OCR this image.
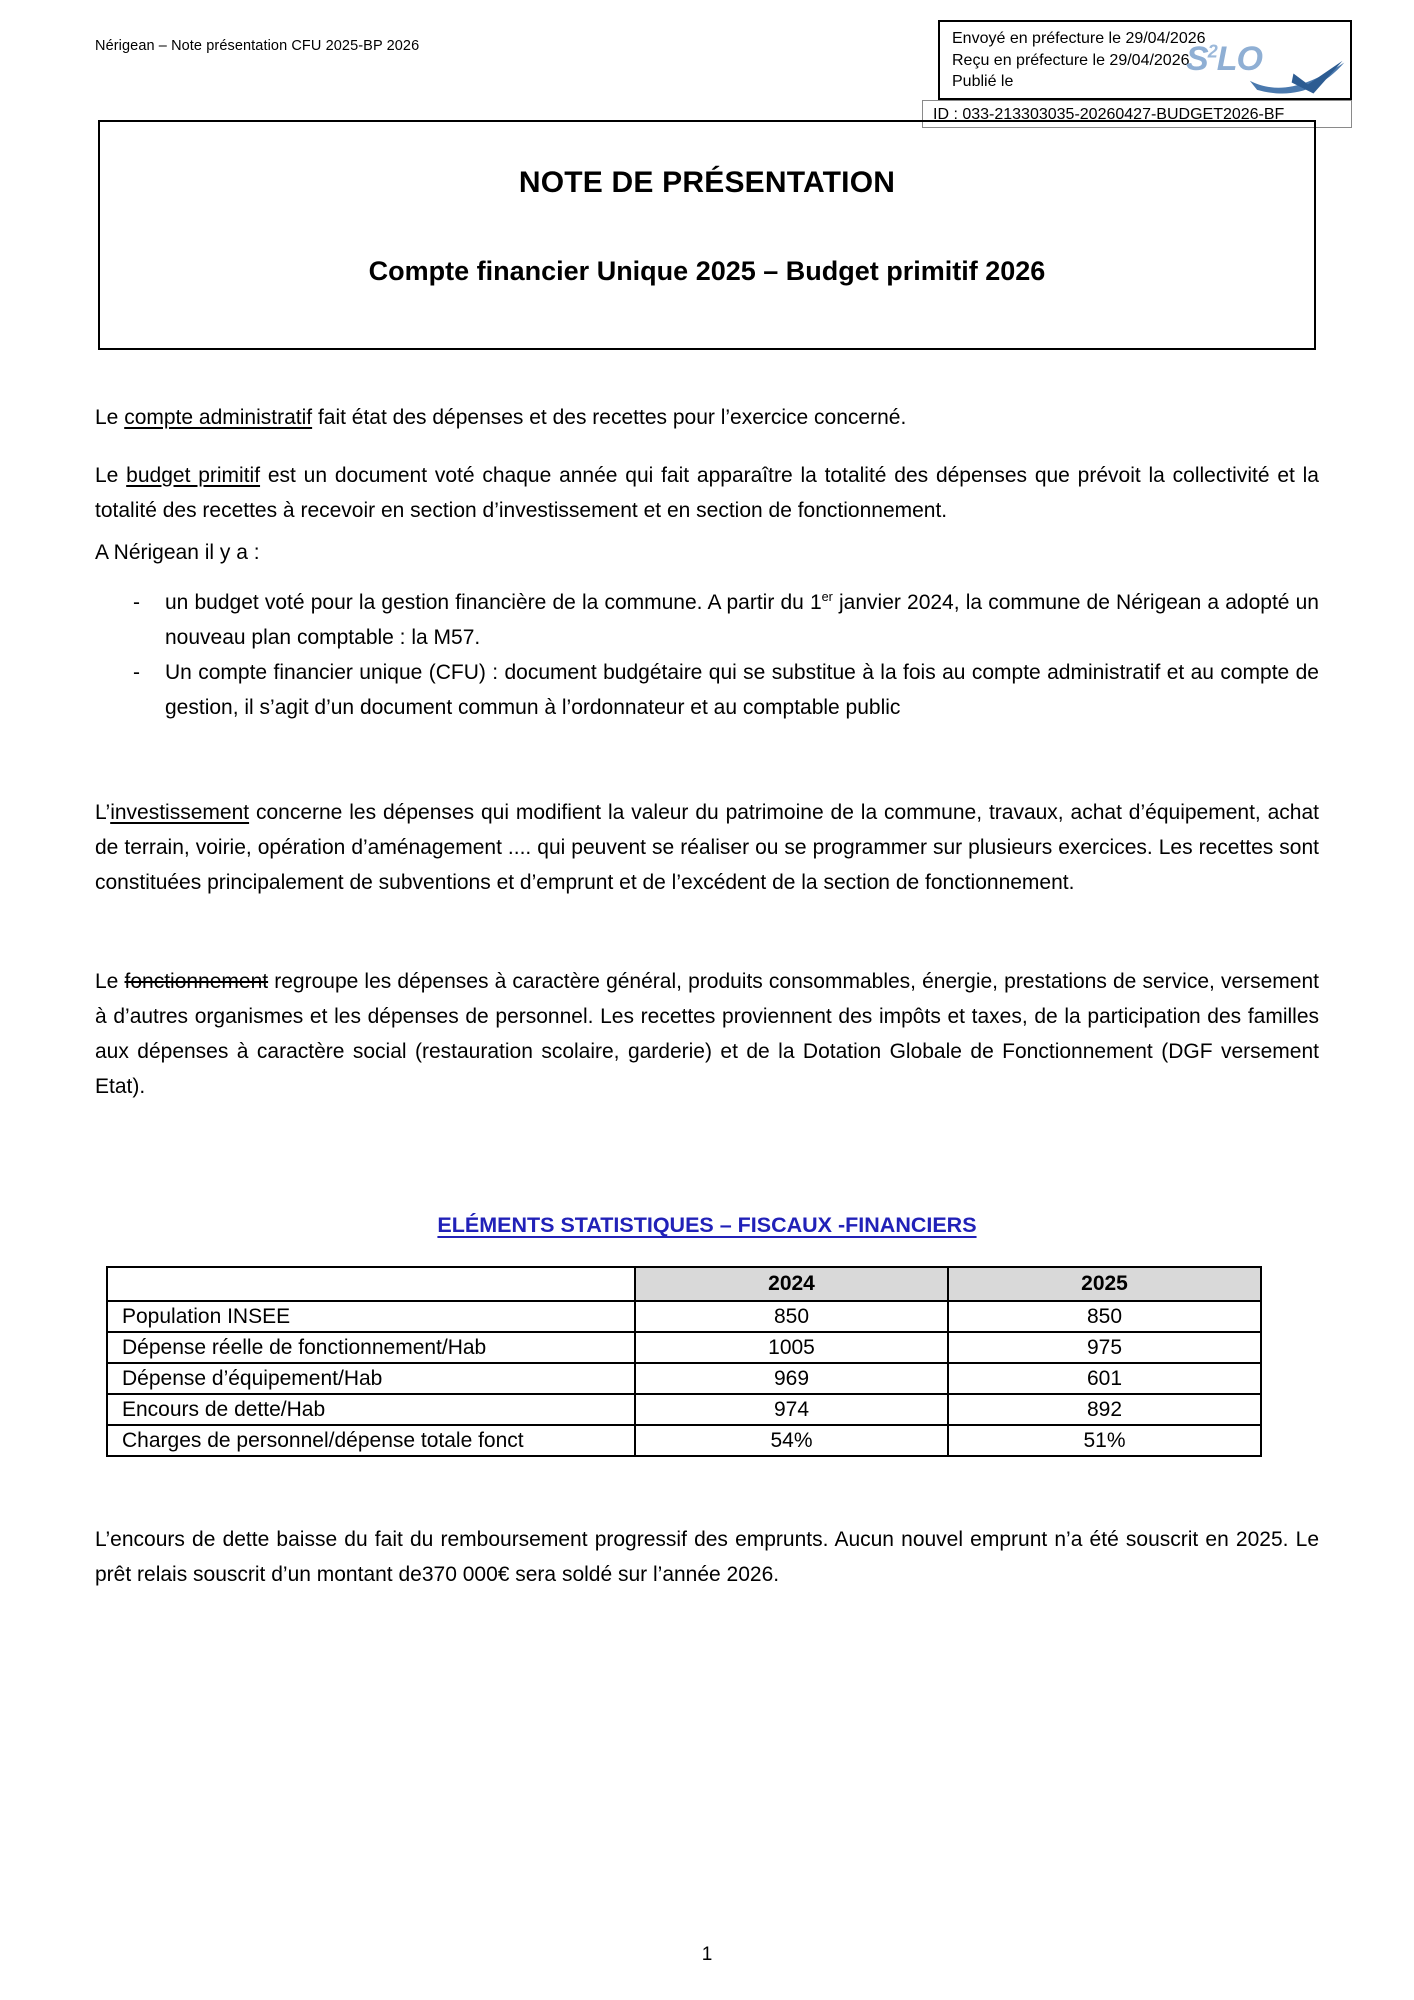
Nérigean – Note présentation CFU 2025-BP 2026	Envoyé en préfecture le 29/04/2026
Reçu en préfecture le 29/04/2026
Publié le
$S^2LO$
ID : 033-213303035-20260427-BUDGET2026-BF
NOTE DE PRÉSENTATION
Compte financier Unique 2025 – Budget primitif 2026
Le compte administratif fait état des dépenses et des recettes pour l’exercice concerné.
Le budget primitif est un document voté chaque année qui fait apparaître la totalité des dépenses que prévoit la collectivité et la totalité des recettes à recevoir en section d’investissement et en section de fonctionnement.
A Nérigean il y a :
- un budget voté pour la gestion financière de la commune. A partir du 1er janvier 2024, la commune de Nérigean a adopté un nouveau plan comptable : la M57.
- Un compte financier unique (CFU) : document budgétaire qui se substitue à la fois au compte administratif et au compte de gestion, il s’agit d’un document commun à l’ordonnateur et au comptable public
L’investissement concerne les dépenses qui modifient la valeur du patrimoine de la commune, travaux, achat d’équipement, achat de terrain, voirie, opération d’aménagement .... qui peuvent se réaliser ou se programmer sur plusieurs exercices. Les recettes sont constituées principalement de subventions et d’emprunt et de l’excédent de la section de fonctionnement.
Le fonctionnement regroupe les dépenses à caractère général, produits consommables, énergie, prestations de service, versement à d’autres organismes et les dépenses de personnel. Les recettes proviennent des impôts et taxes, de la participation des familles aux dépenses à caractère social (restauration scolaire, garderie) et de la Dotation Globale de Fonctionnement (DGF versement Etat).
ELÉMENTS STATISTIQUES – FISCAUX -FINANCIERS
	2024	2025
Population INSEE	850	850
Dépense réelle de fonctionnement/Hab	1005	975
Dépense d’équipement/Hab	969	601
Encours de dette/Hab	974	892
Charges de personnel/dépense totale fonct	54%	51%
L’encours de dette baisse du fait du remboursement progressif des emprunts. Aucun nouvel emprunt n’a été souscrit en 2025. Le prêt relais souscrit d’un montant de370 000€ sera soldé sur l’année 2026.
1
